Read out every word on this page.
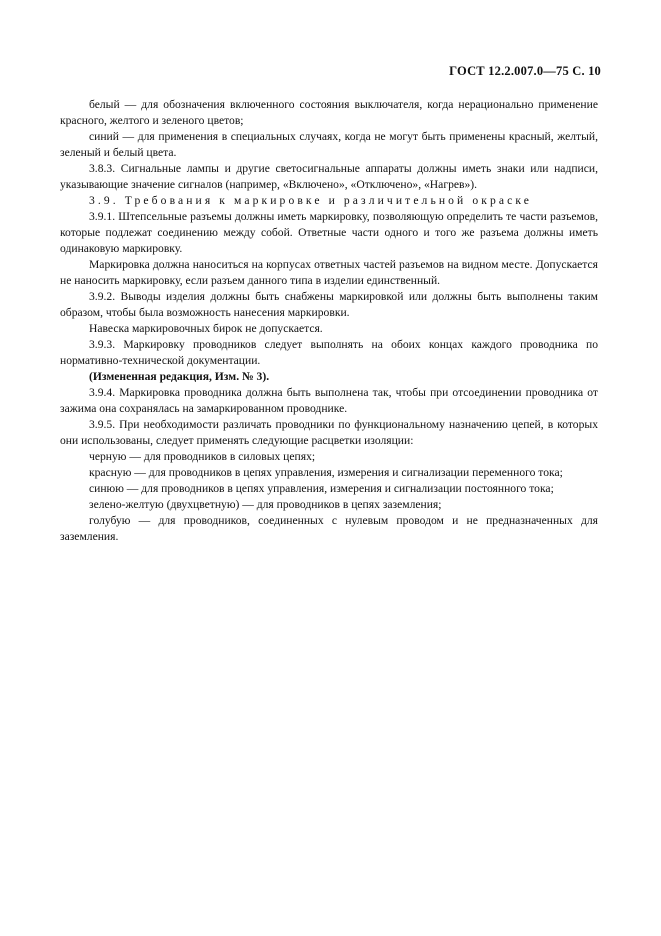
ГОСТ 12.2.007.0—75 С. 10

белый — для обозначения включенного состояния выключателя, когда нерационально применение красного, желтого и зеленого цветов;

синий — для применения в специальных случаях, когда не могут быть применены красный, желтый, зеленый и белый цвета.

3.8.3. Сигнальные лампы и другие светосигнальные аппараты должны иметь знаки или надписи, указывающие значение сигналов (например, «Включено», «Отключено», «Нагрев»).

3.9. Требования к маркировке и различительной окраске

3.9.1. Штепсельные разъемы должны иметь маркировку, позволяющую определить те части разъемов, которые подлежат соединению между собой. Ответные части одного и того же разъема должны иметь одинаковую маркировку.

Маркировка должна наноситься на корпусах ответных частей разъемов на видном месте. Допускается не наносить маркировку, если разъем данного типа в изделии единственный.

3.9.2. Выводы изделия должны быть снабжены маркировкой или должны быть выполнены таким образом, чтобы была возможность нанесения маркировки.

Навеска маркировочных бирок не допускается.

3.9.3. Маркировку проводников следует выполнять на обоих концах каждого проводника по нормативно-технической документации.

(Измененная редакция, Изм. № 3).

3.9.4. Маркировка проводника должна быть выполнена так, чтобы при отсоединении проводника от зажима она сохранялась на замаркированном проводнике.

3.9.5. При необходимости различать проводники по функциональному назначению цепей, в которых они использованы, следует применять следующие расцветки изоляции:

черную — для проводников в силовых цепях;

красную — для проводников в цепях управления, измерения и сигнализации переменного тока;

синюю — для проводников в цепях управления, измерения и сигнализации постоянного тока;

зелено-желтую (двухцветную) — для проводников в цепях заземления;

голубую — для проводников, соединенных с нулевым проводом и не предназначенных для заземления.
